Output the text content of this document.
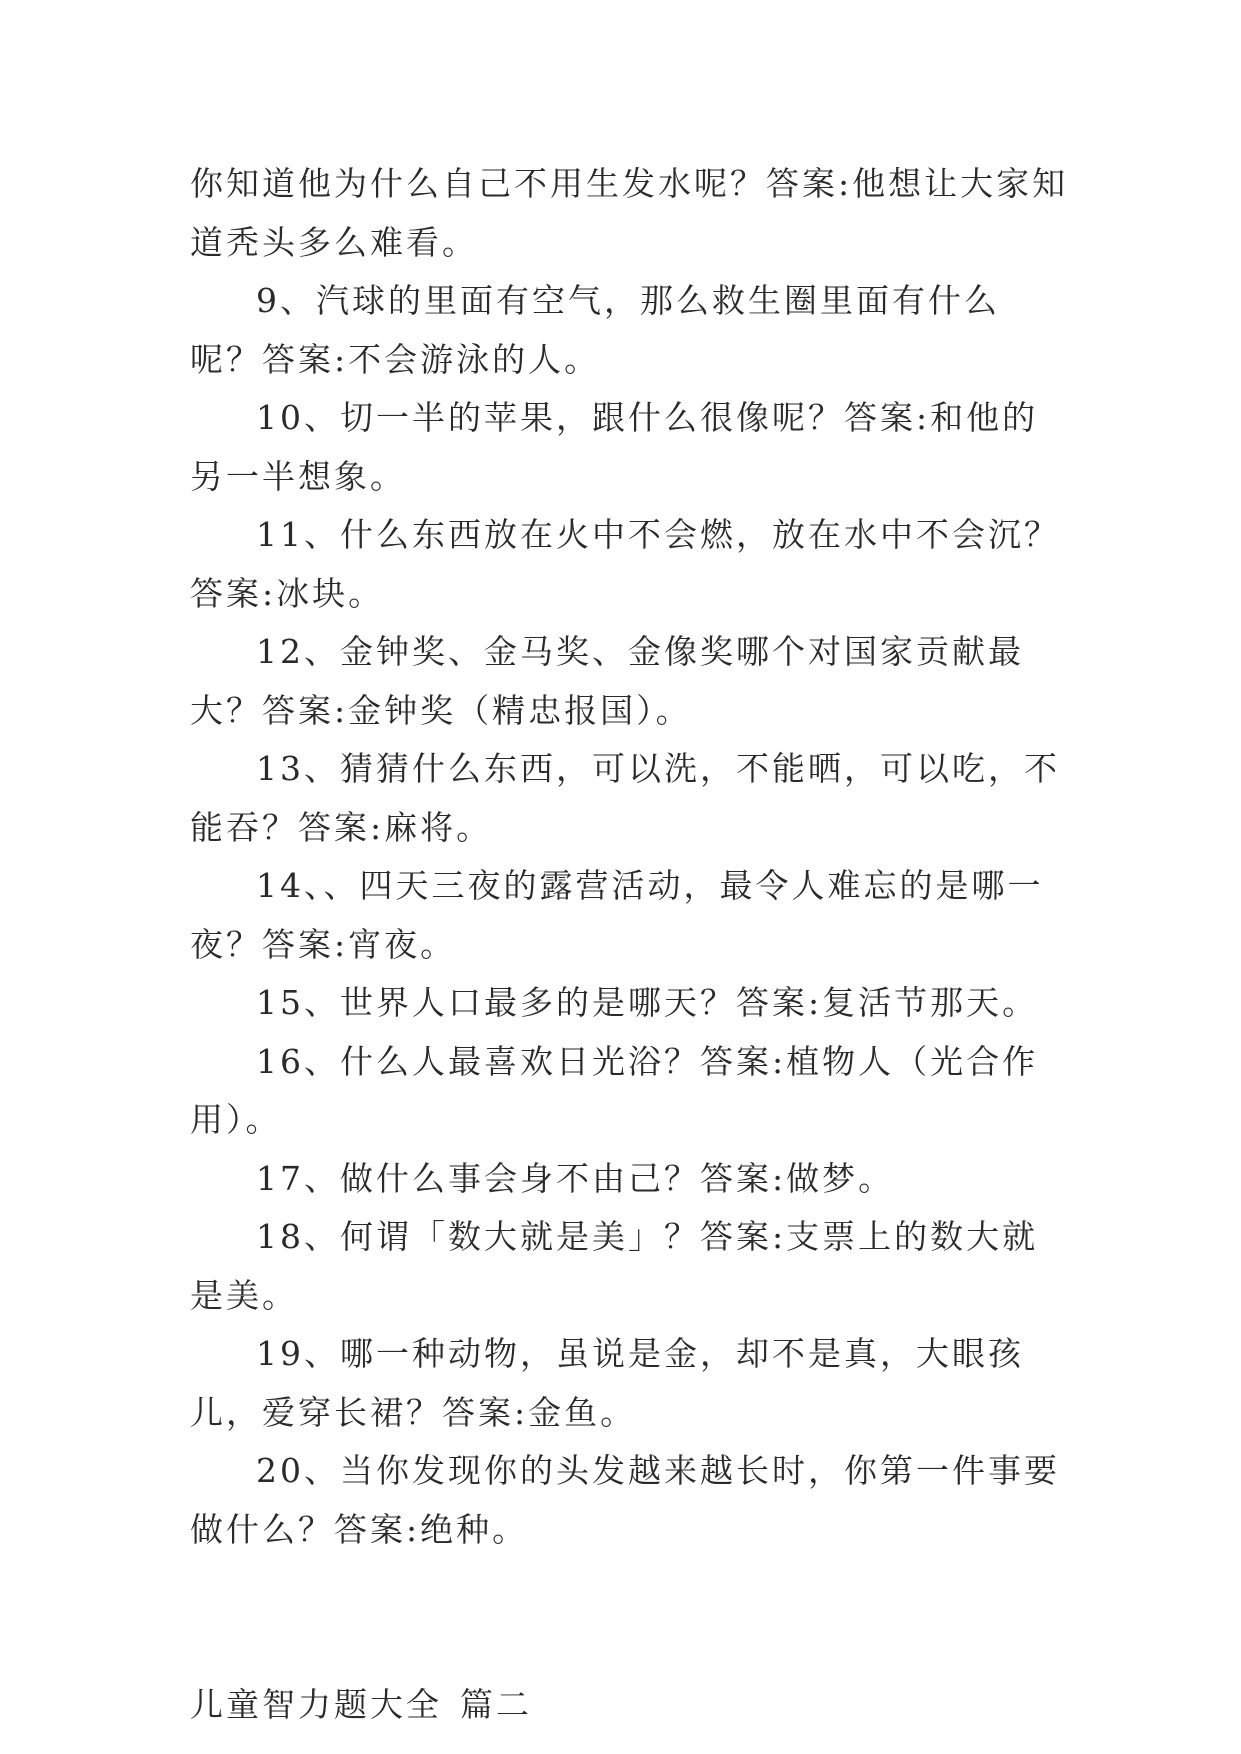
你知道他为什么自己不用生发水呢？答案:他想让大家知道秃头多么难看。

9、汽球的里面有空气，那么救生圈里面有什么呢？答案:不会游泳的人。

10、切一半的苹果，跟什么很像呢？答案:和他的另一半想象。

11、什么东西放在火中不会燃，放在水中不会沉？答案:冰块。

12、金钟奖、金马奖、金像奖哪个对国家贡献最大？答案:金钟奖（精忠报国）。

13、猜猜什么东西，可以洗，不能晒，可以吃，不能吞？答案:麻将。

14、、四天三夜的露营活动，最令人难忘的是哪一夜？答案:宵夜。

15、世界人口最多的是哪天？答案:复活节那天。

16、什么人最喜欢日光浴？答案:植物人（光合作用）。

17、做什么事会身不由己？答案:做梦。

18、何谓「数大就是美」？答案:支票上的数大就是美。

19、哪一种动物，虽说是金，却不是真，大眼孩儿，爱穿长裙？答案:金鱼。

20、当你发现你的头发越来越长时，你第一件事要做什么？答案:绝种。

儿童智力题大全 篇二
